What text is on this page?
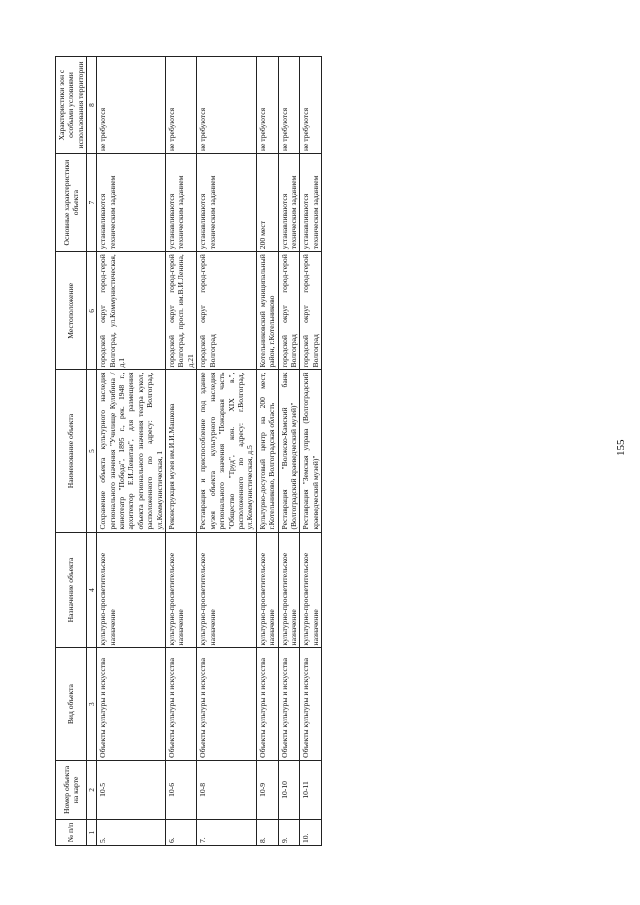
№ п/п	Номер объекта на карте	Вид объекта	Назначение объекта	Наименование объекта	Местоположение	Основные характеристики объекта	Характеристики зон с особыми условиями использования территории
1	2	3	4	5	6	7	8
5.	10-5	Объекты культуры и искусства	культурно-просветительское назначение	Сохранение объекта культурного наследия регионального значения "Училище Кулибина /кинотеатр "Победа", 1895 г., рек. 1948 г., архитектор Е.И.Левитан", для размещения объекта регионального значения театра кукол, расположенного по адресу: Волгоград, ул.Коммунистическая, 1	городской округ город-герой Волгоград, ул.Коммунистическая, д.1	устанавливаются техническим заданием	не требуются
6.	10-6	Объекты культуры и искусства	культурно-просветительское назначение	Реконструкция музея им.И.И.Машкова	городской округ город-герой Волгоград, просп. им.В.И.Ленина, д.21	устанавливаются техническим заданием	не требуются
7.	10-8	Объекты культуры и искусства	культурно-просветительское назначение	Реставрация и приспособление под здание музея объекта культурного наследия регионального значения "Пожарная часть "Общество "Труд", кон. XIX в.", расположенного по адресу: г.Волгоград, ул.Коммунистическая, д.5	городской округ город-герой Волгоград	устанавливаются техническим заданием	не требуются
8.	10-9	Объекты культуры и искусства	культурно-просветительское назначение	Культурно-досуговый центр на 200 мест, г.Котельниково, Волгоградская область	Котельниковский муниципальный район, г.Котельниково	200 мест	не требуются
9.	10-10	Объекты культуры и искусства	культурно-просветительское назначение	Реставрация "Волжско-Камский банк (Волгоградский краеведческий музей)"	городской округ город-герой Волгоград	устанавливаются техническим заданием	не требуются
10.	10-11	Объекты культуры и искусства	культурно-просветительское назначение	Реставрация "Земская управа (Волгоградский краеведческий музей)"	городской округ город-герой Волгоград	устанавливаются техническим заданием	не требуются
155
